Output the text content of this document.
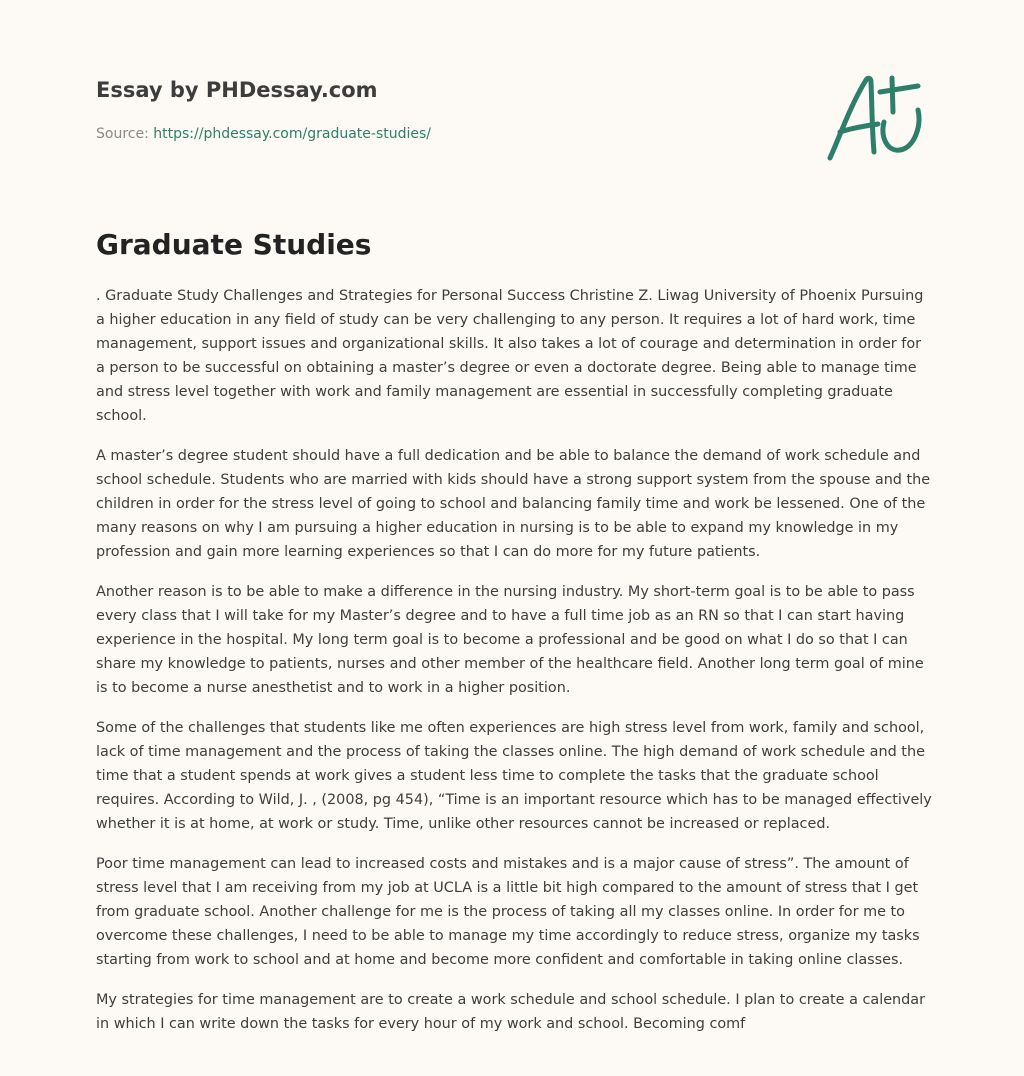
Essay by PHDessay.com
Source: https://phdessay.com/graduate-studies/
Graduate Studies

. Graduate Study Challenges and Strategies for Personal Success Christine Z. Liwag University of Phoenix Pursuing a higher education in any field of study can be very challenging to any person. It requires a lot of hard work, time management, support issues and organizational skills. It also takes a lot of courage and determination in order for a person to be successful on obtaining a master’s degree or even a doctorate degree. Being able to manage time and stress level together with work and family management are essential in successfully completing graduate school.

A master’s degree student should have a full dedication and be able to balance the demand of work schedule and school schedule. Students who are married with kids should have a strong support system from the spouse and the children in order for the stress level of going to school and balancing family time and work be lessened. One of the many reasons on why I am pursuing a higher education in nursing is to be able to expand my knowledge in my profession and gain more learning experiences so that I can do more for my future patients.

Another reason is to be able to make a difference in the nursing industry. My short-term goal is to be able to pass every class that I will take for my Master’s degree and to have a full time job as an RN so that I can start having experience in the hospital. My long term goal is to become a professional and be good on what I do so that I can share my knowledge to patients, nurses and other member of the healthcare field. Another long term goal of mine is to become a nurse anesthetist and to work in a higher position.

Some of the challenges that students like me often experiences are high stress level from work, family and school, lack of time management and the process of taking the classes online. The high demand of work schedule and the time that a student spends at work gives a student less time to complete the tasks that the graduate school requires. According to Wild, J. , (2008, pg 454), “Time is an important resource which has to be managed effectively whether it is at home, at work or study. Time, unlike other resources cannot be increased or replaced.

Poor time management can lead to increased costs and mistakes and is a major cause of stress”. The amount of stress level that I am receiving from my job at UCLA is a little bit high compared to the amount of stress that I get from graduate school. Another challenge for me is the process of taking all my classes online. In order for me to overcome these challenges, I need to be able to manage my time accordingly to reduce stress, organize my tasks starting from work to school and at home and become more confident and comfortable in taking online classes.

My strategies for time management are to create a work schedule and school schedule. I plan to create a calendar in which I can write down the tasks for every hour of my work and school. Becoming comf
